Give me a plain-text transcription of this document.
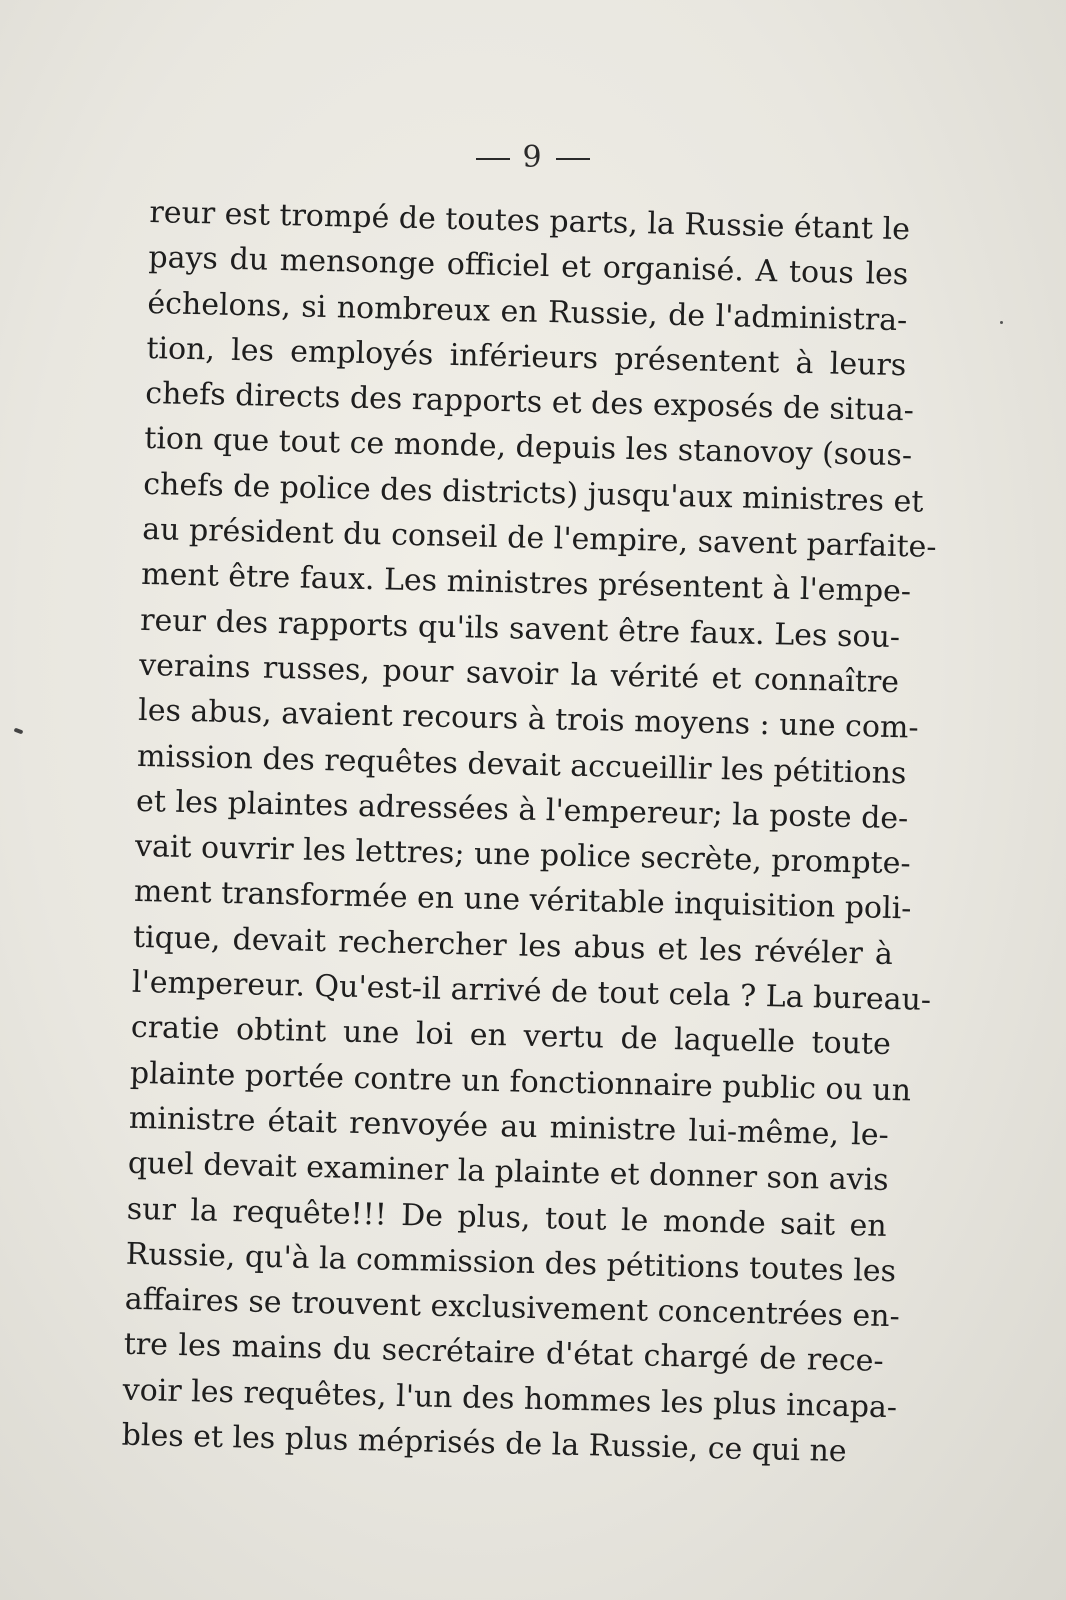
9
reur est trompé de toutes parts, la Russie étant le
pays du mensonge officiel et organisé. A tous les
échelons, si nombreux en Russie, de l'administra-
tion, les employés inférieurs présentent à leurs
chefs directs des rapports et des exposés de situa-
tion que tout ce monde, depuis les stanovoy (sous-
chefs de police des districts) jusqu'aux ministres et
au président du conseil de l'empire, savent parfaite-
ment être faux. Les ministres présentent à l'empe-
reur des rapports qu'ils savent être faux. Les sou-
verains russes, pour savoir la vérité et connaître
les abus, avaient recours à trois moyens : une com-
mission des requêtes devait accueillir les pétitions
et les plaintes adressées à l'empereur; la poste de-
vait ouvrir les lettres; une police secrète, prompte-
ment transformée en une véritable inquisition poli-
tique, devait rechercher les abus et les révéler à
l'empereur. Qu'est-il arrivé de tout cela ? La bureau-
cratie obtint une loi en vertu de laquelle toute
plainte portée contre un fonctionnaire public ou un
ministre était renvoyée au ministre lui-même, le-
quel devait examiner la plainte et donner son avis
sur la requête!!! De plus, tout le monde sait en
Russie, qu'à la commission des pétitions toutes les
affaires se trouvent exclusivement concentrées en-
tre les mains du secrétaire d'état chargé de rece-
voir les requêtes, l'un des hommes les plus incapa-
bles et les plus méprisés de la Russie, ce qui ne
